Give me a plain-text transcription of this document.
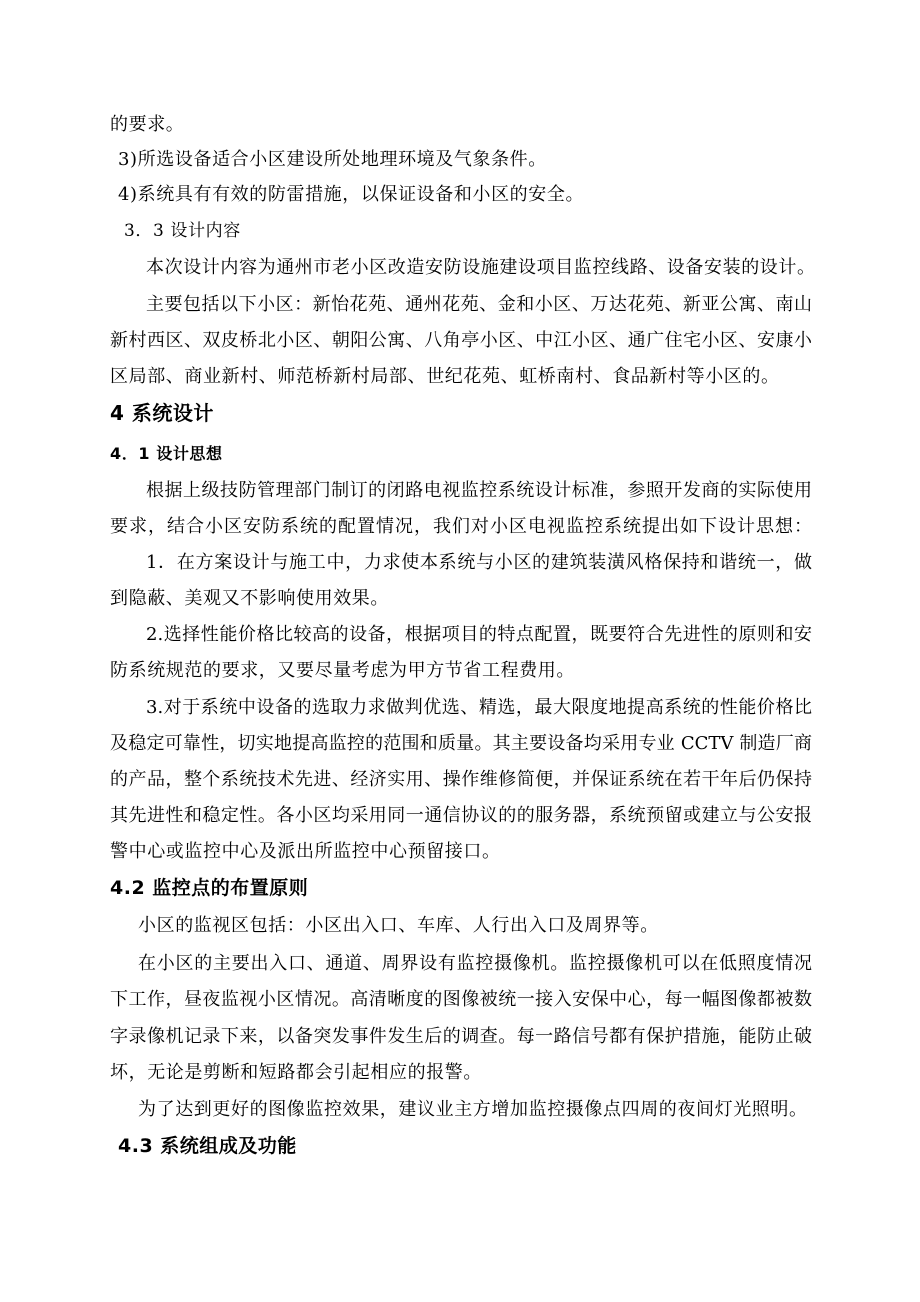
的要求。
3)所选设备适合小区建设所处地理环境及气象条件。
4)系统具有有效的防雷措施，以保证设备和小区的安全。
3．3 设计内容
本次设计内容为通州市老小区改造安防设施建设项目监控线路、设备安装的设计。
主要包括以下小区：新怡花苑、通州花苑、金和小区、万达花苑、新亚公寓、南山
新村西区、双皮桥北小区、朝阳公寓、八角亭小区、中江小区、通广住宅小区、安康小
区局部、商业新村、师范桥新村局部、世纪花苑、虹桥南村、食品新村等小区的。
4 系统设计
4．1 设计思想
根据上级技防管理部门制订的闭路电视监控系统设计标准，参照开发商的实际使用
要求，结合小区安防系统的配置情况，我们对小区电视监控系统提出如下设计思想：
1．在方案设计与施工中，力求使本系统与小区的建筑装潢风格保持和谐统一，做
到隐蔽、美观又不影响使用效果。
2.选择性能价格比较高的设备，根据项目的特点配置，既要符合先进性的原则和安
防系统规范的要求，又要尽量考虑为甲方节省工程费用。
3.对于系统中设备的选取力求做判优选、精选，最大限度地提高系统的性能价格比
及稳定可靠性，切实地提高监控的范围和质量。其主要设备均采用专业 CCTV 制造厂商
的产品，整个系统技术先进、经济实用、操作维修简便，并保证系统在若干年后仍保持
其先进性和稳定性。各小区均采用同一通信协议的的服务器，系统预留或建立与公安报
警中心或监控中心及派出所监控中心预留接口。
4.2 监控点的布置原则
小区的监视区包括：小区出入口、车库、人行出入口及周界等。
在小区的主要出入口、通道、周界设有监控摄像机。监控摄像机可以在低照度情况
下工作，昼夜监视小区情况。高清晰度的图像被统一接入安保中心，每一幅图像都被数
字录像机记录下来，以备突发事件发生后的调查。每一路信号都有保护措施，能防止破
坏，无论是剪断和短路都会引起相应的报警。
为了达到更好的图像监控效果，建议业主方增加监控摄像点四周的夜间灯光照明。
4.3 系统组成及功能
